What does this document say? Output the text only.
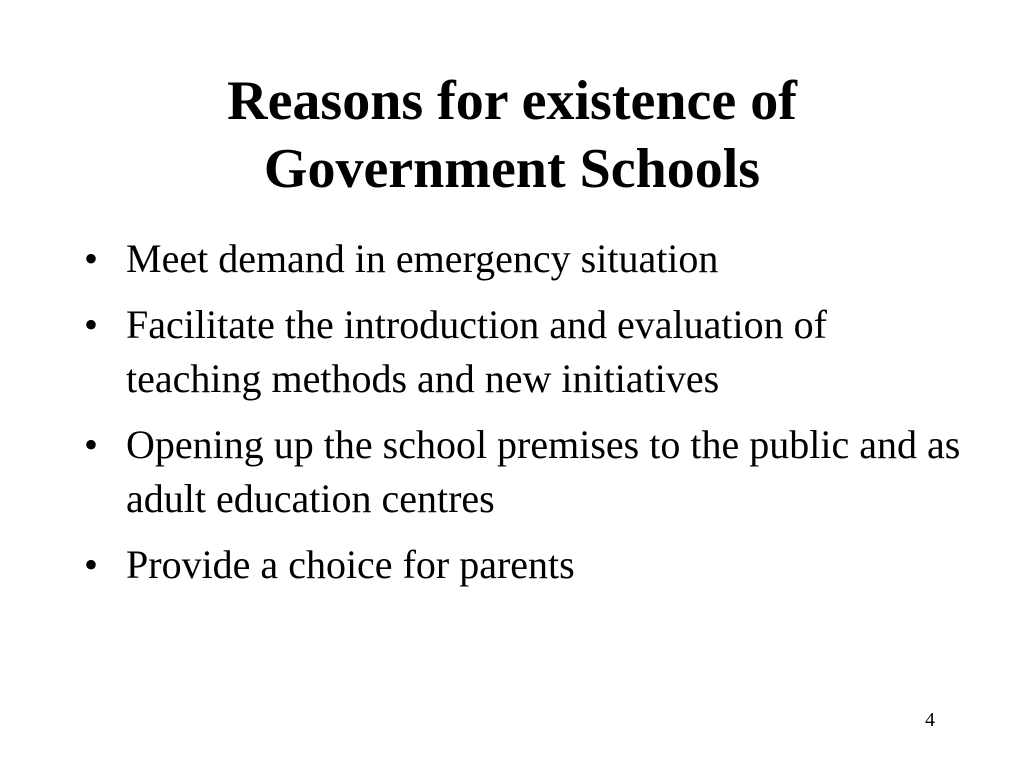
Reasons for existence of
Government Schools
• Meet demand in emergency situation
• Facilitate the introduction and evaluation of teaching methods and new initiatives
• Opening up the school premises to the public and as adult education centres
• Provide a choice for parents
4
